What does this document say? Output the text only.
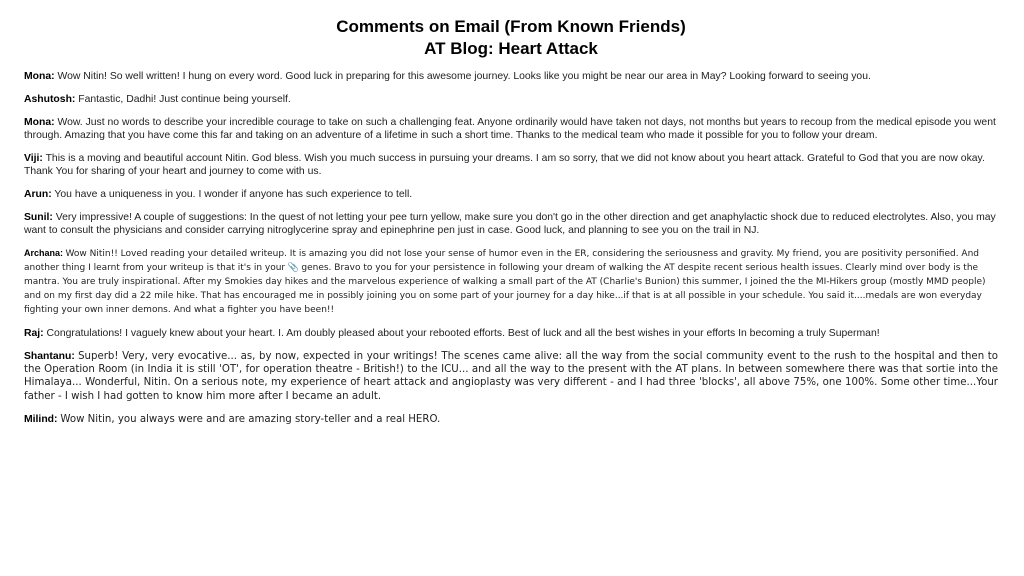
Comments on Email (From Known Friends)
AT Blog: Heart Attack

Mona: Wow Nitin! So well written! I hung on every word. Good luck in preparing for this awesome journey. Looks like you might be near our area in May? Looking forward to seeing you.

Ashutosh: Fantastic, Dadhi! Just continue being yourself.

Mona: Wow. Just no words to describe your incredible courage to take on such a challenging feat. Anyone ordinarily would have taken not days, not months but years to recoup from the medical episode you went through. Amazing that you have come this far and taking on an adventure of a lifetime in such a short time. Thanks to the medical team who made it possible for you to follow your dream.

Viji: This is a moving and beautiful account Nitin. God bless. Wish you much success in pursuing your dreams. I am so sorry, that we did not know about you heart attack. Grateful to God that you are now okay. Thank You for sharing of your heart and journey to come with us.

Arun: You have a uniqueness in you. I wonder if anyone has such experience to tell.

Sunil: Very impressive! A couple of suggestions: In the quest of not letting your pee turn yellow, make sure you don't go in the other direction and get anaphylactic shock due to reduced electrolytes. Also, you may want to consult the physicians and consider carrying nitroglycerine spray and epinephrine pen just in case. Good luck, and planning to see you on the trail in NJ.

Archana: Wow Nitin!! Loved reading your detailed writeup. It is amazing you did not lose your sense of humor even in the ER, considering the seriousness and gravity. My friend, you are positivity personified. And another thing I learnt from your writeup is that it's in your 📎 genes. Bravo to you for your persistence in following your dream of walking the AT despite recent serious health issues. Clearly mind over body is the mantra. You are truly inspirational. After my Smokies day hikes and the marvelous experience of walking a small part of the AT (Charlie's Bunion) this summer, I joined the the MI-Hikers group (mostly MMD people) and on my first day did a 22 mile hike. That has encouraged me in possibly joining you on some part of your journey for a day hike...if that is at all possible in your schedule. You said it....medals are won everyday fighting your own inner demons. And what a fighter you have been!!

Raj: Congratulations! I vaguely knew about your heart. I. Am doubly pleased about your rebooted efforts. Best of luck and all the best wishes in your efforts In becoming a truly Superman!

Shantanu: Superb! Very, very evocative... as, by now, expected in your writings! The scenes came alive: all the way from the social community event to the rush to the hospital and then to the Operation Room (in India it is still 'OT', for operation theatre - British!) to the ICU... and all the way to the present with the AT plans. In between somewhere there was that sortie into the Himalaya... Wonderful, Nitin. On a serious note, my experience of heart attack and angioplasty was very different - and I had three 'blocks', all above 75%, one 100%. Some other time...Your father - I wish I had gotten to know him more after I became an adult.

Milind: Wow Nitin, you always were and are amazing story-teller and a real HERO.
